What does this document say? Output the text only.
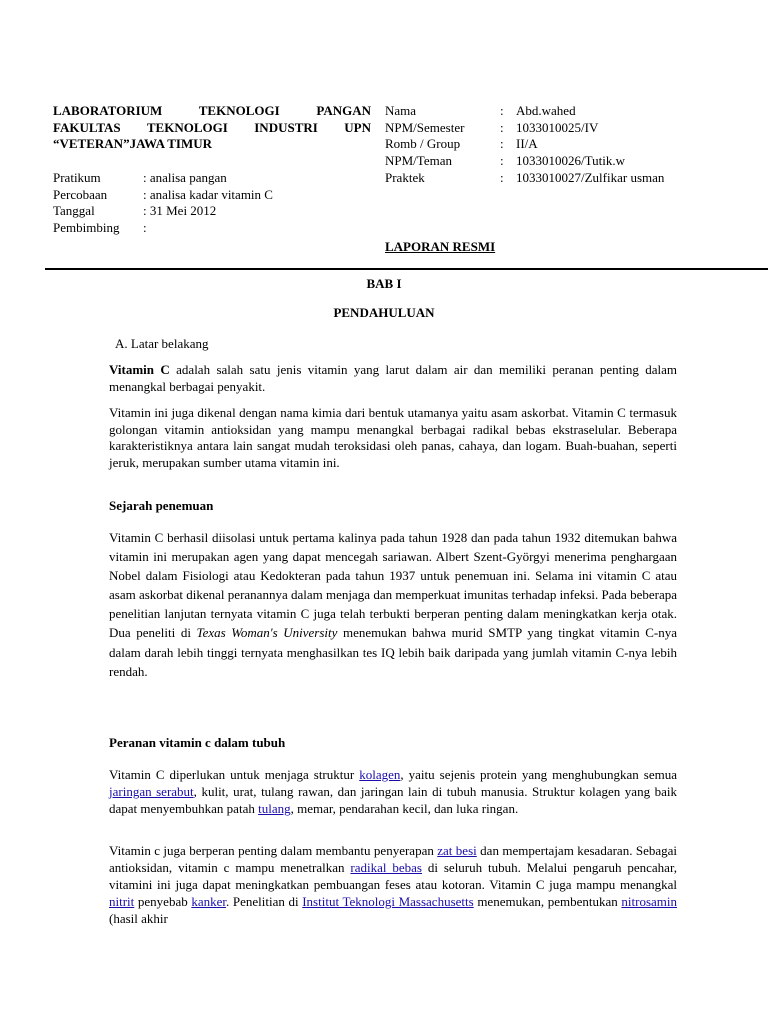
LABORATORIUM TEKNOLOGI PANGAN
FAKULTAS TEKNOLOGI INDUSTRI UPN
“VETERAN”JAWA TIMUR
Pratikum	: analisa pangan
Percobaan	: analisa kadar vitamin C
Tanggal	: 31 Mei 2012
Pembimbing	:
Nama	: Abd.wahed
NPM/Semester	: 1033010025/IV
Romb / Group	: II/A
NPM/Teman	: 1033010026/Tutik.w
Praktek	: 1033010027/Zulfikar usman
LAPORAN RESMI
BAB I
PENDAHULUAN
A. Latar belakang
Vitamin C adalah salah satu jenis vitamin yang larut dalam air dan memiliki peranan penting dalam menangkal berbagai penyakit.
Vitamin ini juga dikenal dengan nama kimia dari bentuk utamanya yaitu asam askorbat. Vitamin C termasuk golongan vitamin antioksidan yang mampu menangkal berbagai radikal bebas ekstraselular. Beberapa karakteristiknya antara lain sangat mudah teroksidasi oleh panas, cahaya, dan logam. Buah-buahan, seperti jeruk, merupakan sumber utama vitamin ini.
Sejarah penemuan
Vitamin C berhasil diisolasi untuk pertama kalinya pada tahun 1928 dan pada tahun 1932 ditemukan bahwa vitamin ini merupakan agen yang dapat mencegah sariawan. Albert Szent-Györgyi menerima penghargaan Nobel dalam Fisiologi atau Kedokteran pada tahun 1937 untuk penemuan ini. Selama ini vitamin C atau asam askorbat dikenal peranannya dalam menjaga dan memperkuat imunitas terhadap infeksi. Pada beberapa penelitian lanjutan ternyata vitamin C juga telah terbukti berperan penting dalam meningkatkan kerja otak. Dua peneliti di Texas Woman's University menemukan bahwa murid SMTP yang tingkat vitamin C-nya dalam darah lebih tinggi ternyata menghasilkan tes IQ lebih baik daripada yang jumlah vitamin C-nya lebih rendah.
Peranan vitamin c dalam tubuh
Vitamin C diperlukan untuk menjaga struktur kolagen, yaitu sejenis protein yang menghubungkan semua jaringan serabut, kulit, urat, tulang rawan, dan jaringan lain di tubuh manusia. Struktur kolagen yang baik dapat menyembuhkan patah tulang, memar, pendarahan kecil, dan luka ringan.
Vitamin c juga berperan penting dalam membantu penyerapan zat besi dan mempertajam kesadaran. Sebagai antioksidan, vitamin c mampu menetralkan radikal bebas di seluruh tubuh. Melalui pengaruh pencahar, vitamini ini juga dapat meningkatkan pembuangan feses atau kotoran. Vitamin C juga mampu menangkal nitrit penyebab kanker. Penelitian di Institut Teknologi Massachusetts menemukan, pembentukan nitrosamin (hasil akhir
